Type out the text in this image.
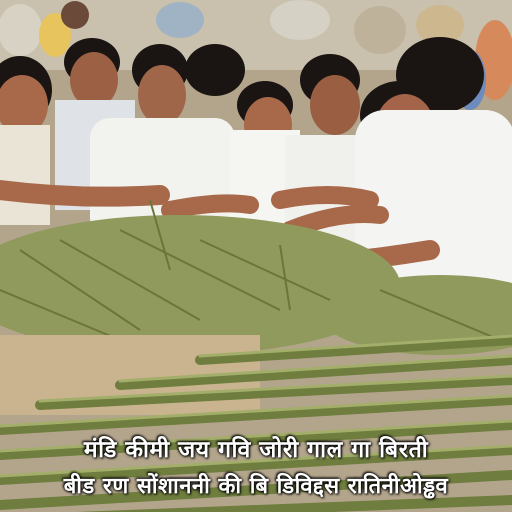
मंडि कीमी जय गवि जोरी गाल गा बिरती
बीड रण सोंशाननी की बि डिविद्दस रातिनीओड्ढव
